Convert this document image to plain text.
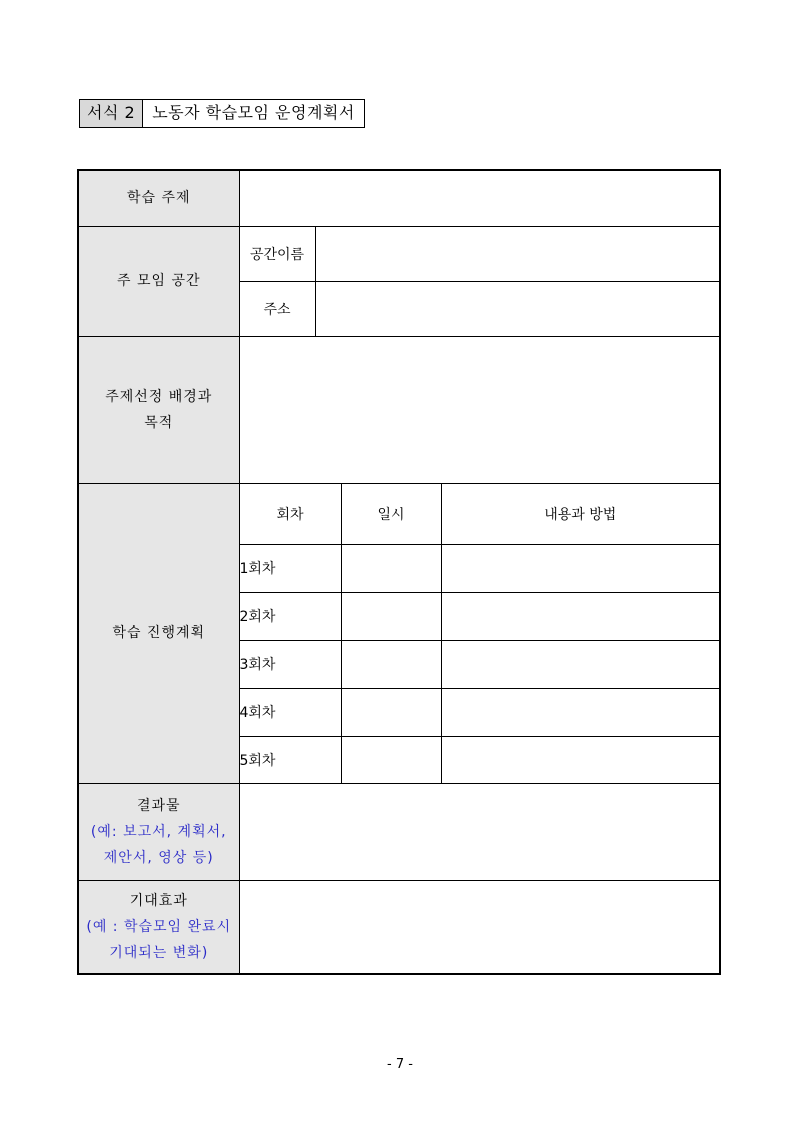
서식 2	노동자 학습모임 운영계획서
학습 주제				
주 모임 공간	공간이름			
	주소			

주제선정 배경과
목적				

학습 진행계획	회차		일시	내용과 방법
	1회차			
	2회차			
	3회차			
	4회차			
	5회차			

결과물
(예: 보고서, 계획서,
제안서, 영상 등)				

기대효과
(예 : 학습모임 완료시
기대되는 변화)				

- 7 -
